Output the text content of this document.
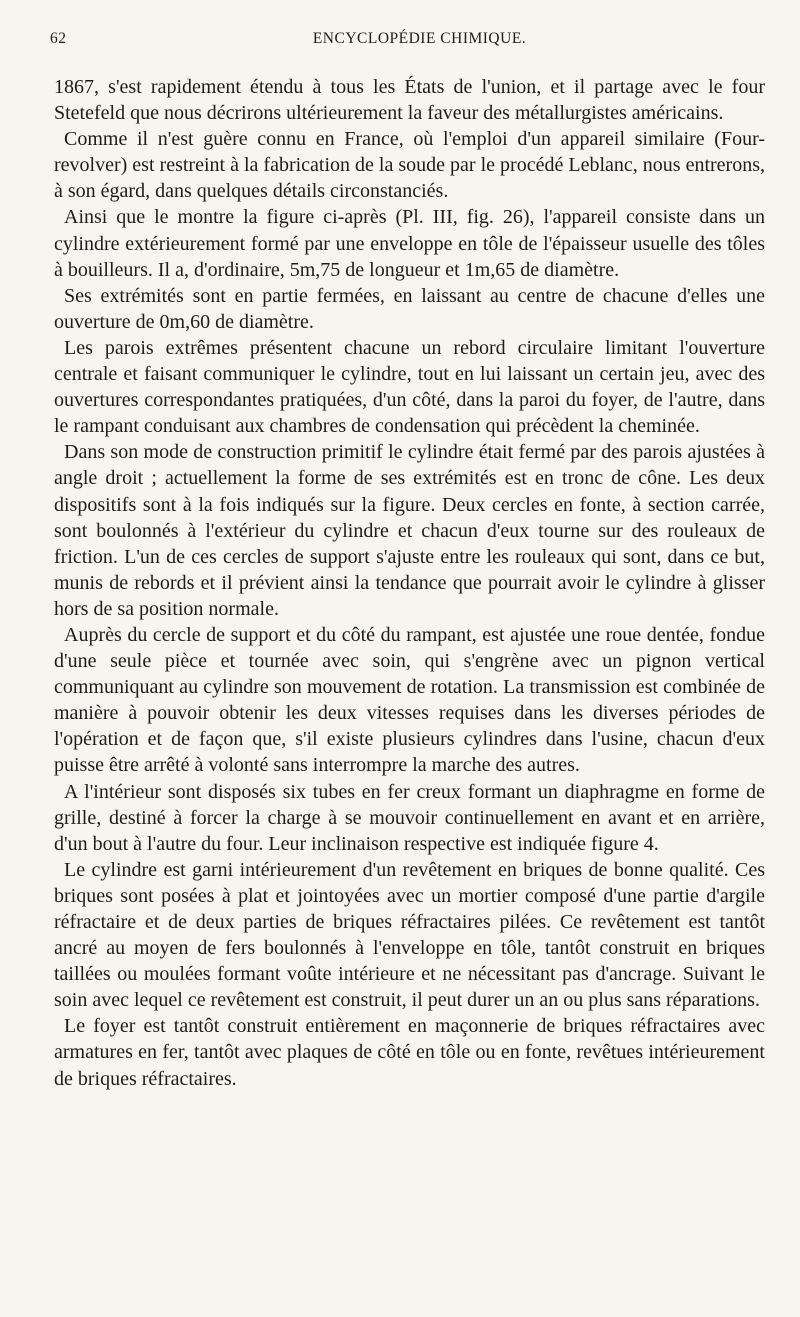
62	ENCYCLOPÉDIE CHIMIQUE.

1867, s'est rapidement étendu à tous les États de l'union, et il partage avec le four Stetefeld que nous décrirons ultérieurement la faveur des métallurgistes américains.

Comme il n'est guère connu en France, où l'emploi d'un appareil similaire (Four-revolver) est restreint à la fabrication de la soude par le procédé Leblanc, nous entrerons, à son égard, dans quelques détails circonstanciés.

Ainsi que le montre la figure ci-après (Pl. III, fig. 26), l'appareil consiste dans un cylindre extérieurement formé par une enveloppe en tôle de l'épaisseur usuelle des tôles à bouilleurs. Il a, d'ordinaire, 5m,75 de longueur et 1m,65 de diamètre.

Ses extrémités sont en partie fermées, en laissant au centre de chacune d'elles une ouverture de 0m,60 de diamètre.

Les parois extrêmes présentent chacune un rebord circulaire limitant l'ouverture centrale et faisant communiquer le cylindre, tout en lui laissant un certain jeu, avec des ouvertures correspondantes pratiquées, d'un côté, dans la paroi du foyer, de l'autre, dans le rampant conduisant aux chambres de condensation qui précèdent la cheminée.

Dans son mode de construction primitif le cylindre était fermé par des parois ajustées à angle droit ; actuellement la forme de ses extrémités est en tronc de cône. Les deux dispositifs sont à la fois indiqués sur la figure. Deux cercles en fonte, à section carrée, sont boulonnés à l'extérieur du cylindre et chacun d'eux tourne sur des rouleaux de friction. L'un de ces cercles de support s'ajuste entre les rouleaux qui sont, dans ce but, munis de rebords et il prévient ainsi la tendance que pourrait avoir le cylindre à glisser hors de sa position normale.

Auprès du cercle de support et du côté du rampant, est ajustée une roue dentée, fondue d'une seule pièce et tournée avec soin, qui s'engrène avec un pignon vertical communiquant au cylindre son mouvement de rotation. La transmission est combinée de manière à pouvoir obtenir les deux vitesses requises dans les diverses périodes de l'opération et de façon que, s'il existe plusieurs cylindres dans l'usine, chacun d'eux puisse être arrêté à volonté sans interrompre la marche des autres.

A l'intérieur sont disposés six tubes en fer creux formant un diaphragme en forme de grille, destiné à forcer la charge à se mouvoir continuellement en avant et en arrière, d'un bout à l'autre du four. Leur inclinaison respective est indiquée figure 4.

Le cylindre est garni intérieurement d'un revêtement en briques de bonne qualité. Ces briques sont posées à plat et jointoyées avec un mortier composé d'une partie d'argile réfractaire et de deux parties de briques réfractaires pilées. Ce revêtement est tantôt ancré au moyen de fers boulonnés à l'enveloppe en tôle, tantôt construit en briques taillées ou moulées formant voûte intérieure et ne nécessitant pas d'ancrage. Suivant le soin avec lequel ce revêtement est construit, il peut durer un an ou plus sans réparations.

Le foyer est tantôt construit entièrement en maçonnerie de briques réfractaires avec armatures en fer, tantôt avec plaques de côté en tôle ou en fonte, revêtues intérieurement de briques réfractaires.
